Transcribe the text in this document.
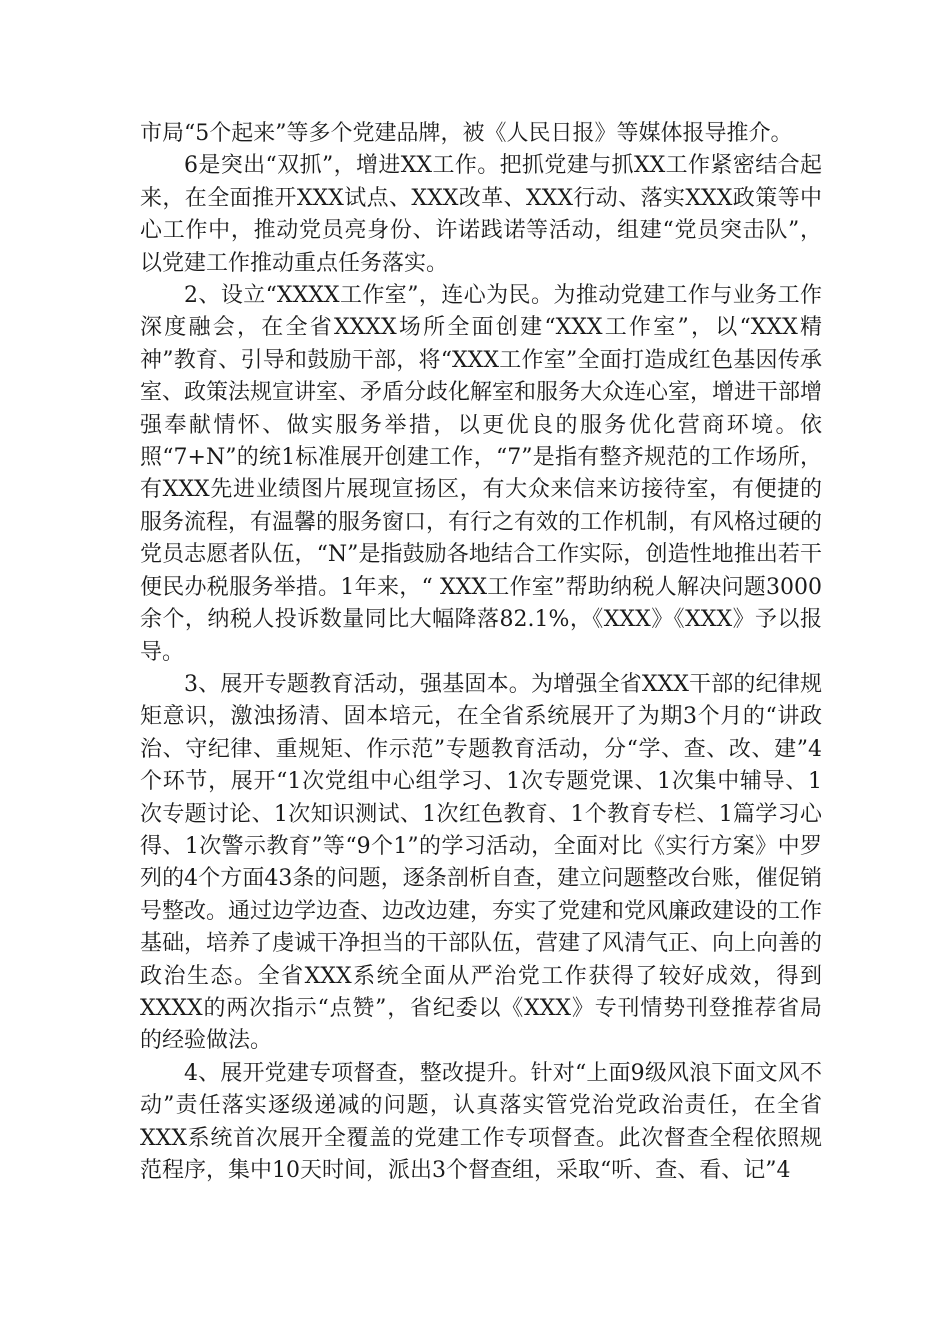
市局“5个起来”等多个党建品牌，被《人民日报》等媒体报导推介。

6是突出“双抓”，增进XX工作。把抓党建与抓XX工作紧密结合起来，在全面推开XXX试点、XXX改革、XXX行动、落实XXX政策等中心工作中，推动党员亮身份、许诺践诺等活动，组建“党员突击队”，以党建工作推动重点任务落实。

2、设立“XXXX工作室”，连心为民。为推动党建工作与业务工作深度融会，在全省XXXX场所全面创建“XXX工作室”，以“XXX精神”教育、引导和鼓励干部，将“XXX工作室”全面打造成红色基因传承室、政策法规宣讲室、矛盾分歧化解室和服务大众连心室，增进干部增强奉献情怀、做实服务举措，以更优良的服务优化营商环境。依照“7+N”的统1标准展开创建工作，“7”是指有整齐规范的工作场所，有XXX先进业绩图片展现宣扬区，有大众来信来访接待室，有便捷的服务流程，有温馨的服务窗口，有行之有效的工作机制，有风格过硬的党员志愿者队伍，“N”是指鼓励各地结合工作实际，创造性地推出若干便民办税服务举措。1年来，“ XXX工作室”帮助纳税人解决问题3000余个，纳税人投诉数量同比大幅降落82.1%，《XXX》《XXX》予以报导。

3、展开专题教育活动，强基固本。为增强全省XXX干部的纪律规矩意识，激浊扬清、固本培元，在全省系统展开了为期3个月的“讲政治、守纪律、重规矩、作示范”专题教育活动，分“学、查、改、建”4个环节，展开“1次党组中心组学习、1次专题党课、1次集中辅导、1次专题讨论、1次知识测试、1次红色教育、1个教育专栏、1篇学习心得、1次警示教育”等“9个1”的学习活动，全面对比《实行方案》中罗列的4个方面43条的问题，逐条剖析自查，建立问题整改台账，催促销号整改。通过边学边查、边改边建，夯实了党建和党风廉政建设的工作基础，培养了虔诚干净担当的干部队伍，营建了风清气正、向上向善的政治生态。全省XXX系统全面从严治党工作获得了较好成效，得到XXXX的两次指示“点赞”，省纪委以《XXX》专刊情势刊登推荐省局的经验做法。

4、展开党建专项督查，整改提升。针对“上面9级风浪下面文风不动”责任落实逐级递减的问题，认真落实管党治党政治责任，在全省XXX系统首次展开全覆盖的党建工作专项督查。此次督查全程依照规范程序，集中10天时间，派出3个督查组，采取“听、查、看、记”4
